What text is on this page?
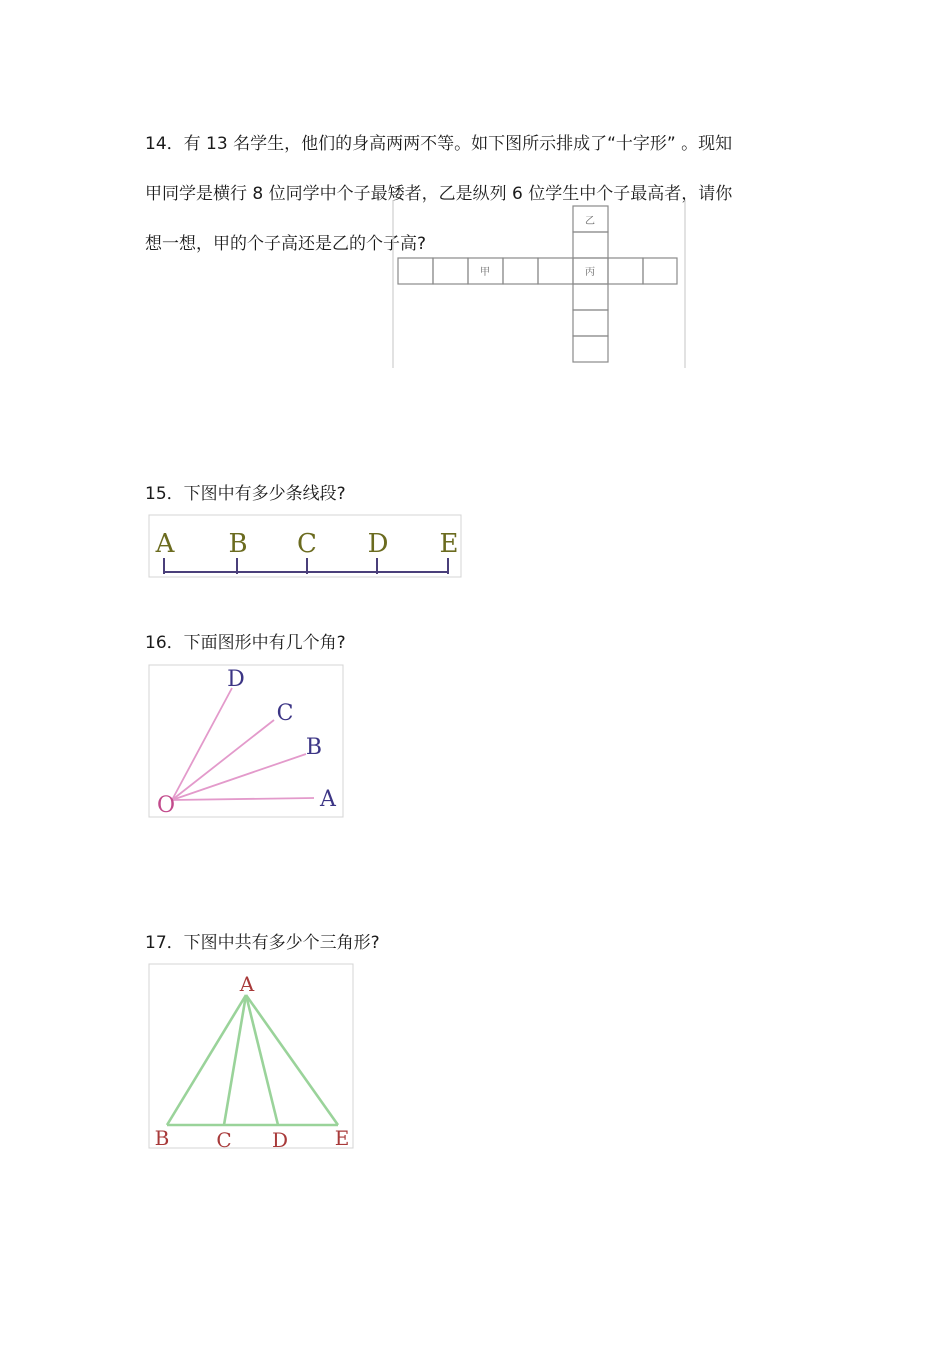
14．有 13 名学生，他们的身高两两不等。如下图所示排成了“十字形” 。现知
甲同学是横行 8 位同学中个子最矮者，乙是纵列 6 位学生中个子最高者，请你
想一想，甲的个子高还是乙的个子高?
乙
甲	丙
15．下图中有多少条线段?
A B C D E
16．下面图形中有几个角?
O	A
B
C
D
17．下图中共有多少个三角形?
A
B C D E
